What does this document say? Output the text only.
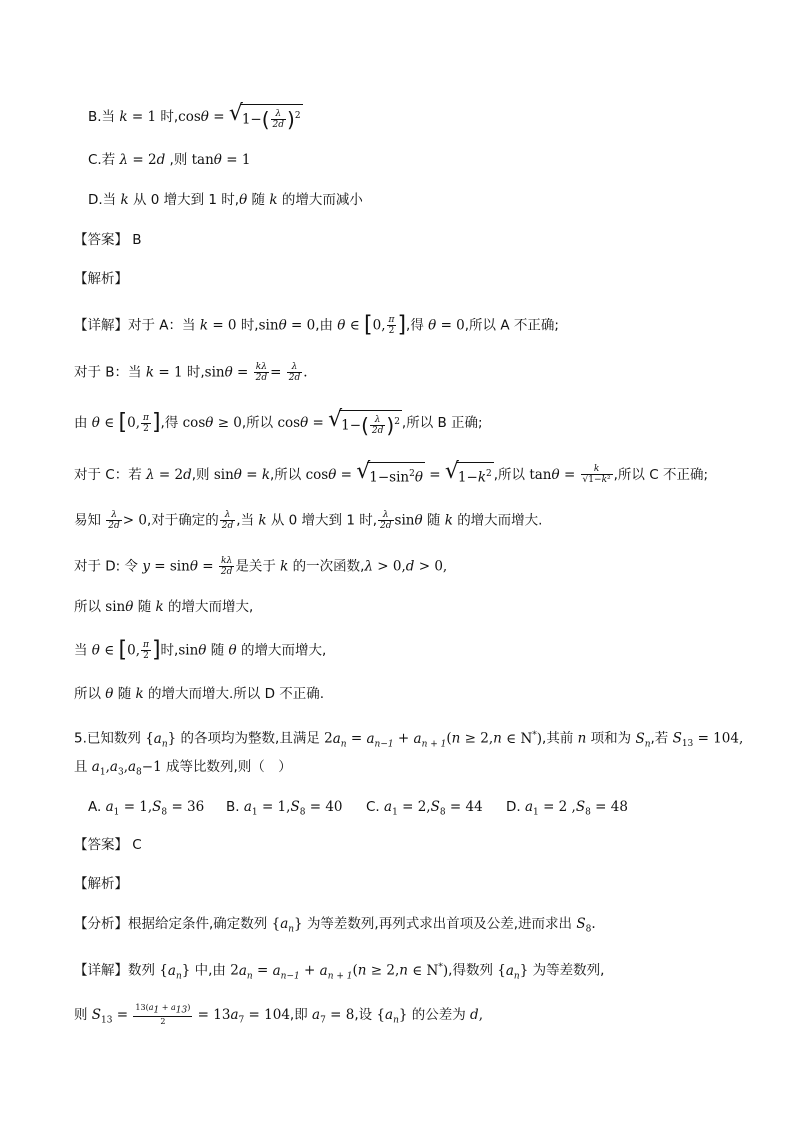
B.当 k = 1 时,cosθ = √
$1-( \frac{\lambda}{2d} )^2$
C.若 λ = 2d ,则 tanθ = 1
D.当 k 从 0 增大到 1 时,θ 随 k 的增大而减小
【答案】 B
【解析】
【详解】对于 A：当 k = 0 时,sinθ = 0,由 θ ∈ [0, $\frac{\pi}{2}$ ],得 θ = 0,所以 A 不正确;
对于 B：当 k = 1 时$,\sin\theta = \frac{k\lambda}{2d} = \frac{\lambda}{2d}$ .
由 θ ∈ [0, $\frac{\pi}{2}$ ],得 cosθ ≥ 0,所以 cosθ = √
$1-( \frac{\lambda}{2d} )^2$ ,所以 B 正确;
对于 C：若 λ = 2d,则 sinθ = k,所以 cosθ = √
$1-\sin^2\theta$ = √
$1-k^2$ ,所以 $\tan\theta = \frac{k}{\text{√1−k²}}$ ,所以 C 不正确;
易知 $\frac{\lambda}{2d} > 0$,对于确定的 $\frac{\lambda}{2d}$ ,当 k 从 0 增大到 1 时, $\frac{\lambda}{2d}$ sinθ 随 k 的增大而增大.
对于 D: 令 $y = \sin\theta = \frac{k\lambda}{2d}$ 是关于 k 的一次函数,λ > 0,d > 0,
所以 sinθ 随 k 的增大而增大,
当 θ ∈ [0, $\frac{\pi}{2}$ ]时,sinθ 随 θ 的增大而增大,
所以 θ 随 k 的增大而增大.所以 D 不正确.
5.已知数列 $\{a_n\}$ 的各项均为整数,且满足 $2a_n = a_{n-1} + a_{n + 1}(n \ge 2,n$ ∈ N*),其前 n 项和为 $S_n$,若 $S_{13} = 104$,
且 $a_1,a_3,a_8-1$ 成等比数列,则（　）
A. $a_1 = 1,S_8 = 36$ B. $a_1 = 1,S_8 = 40$ C. $a_1 = 2,S_8 = 44$ D. $a_1 = 2$ $,S_8 = 48$
【答案】 C
【解析】
【分析】根据给定条件,确定数列 $\{a_n\}$ 为等差数列,再列式求出首项及公差,进而求出 $S_8$.
【详解】数列 $\{a_n\}$ 中,由 $2a_n = a_{n-1} + a_{n + 1}(n \ge 2,n$ ∈ N*),得数列 $\{a_n\}$ 为等差数列,
则 $S_{13} = \frac{13(a_1 + a_{13})}{2} = 13a_7 = 104$,即 $a_7 = 8$,设 $\{a_n\}$ 的公差为 d,
